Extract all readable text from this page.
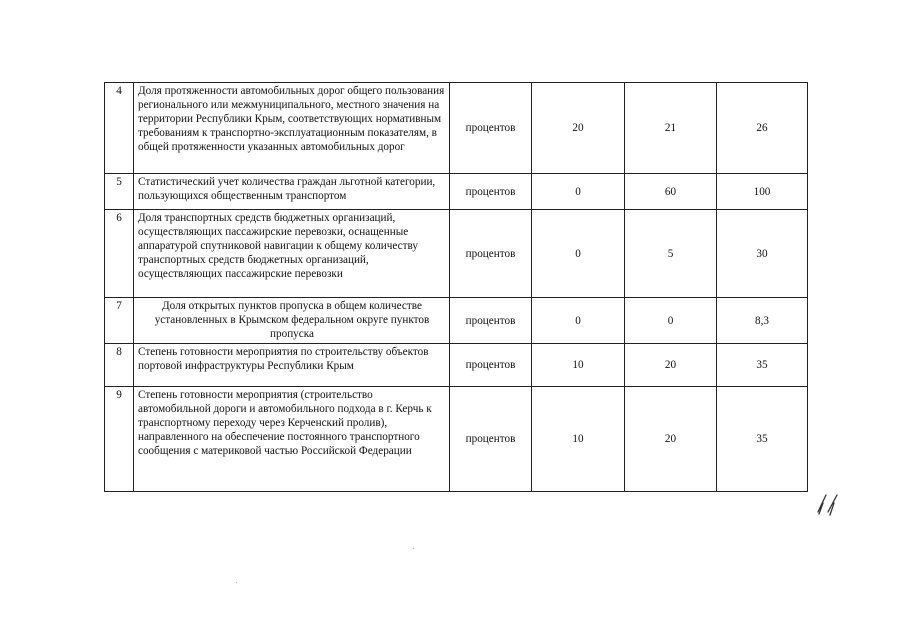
4	Доля протяженности автомобильных дорог общего пользования регионального или межмуниципального, местного значения на территории Республики Крым, соответствующих нормативным требованиям к транспортно-эксплуатационным показателям, в общей протяженности указанных автомобильных дорог	процентов	20	21	26
5	Статистический учет количества граждан льготной категории, пользующихся общественным транспортом	процентов	0	60	100
6	Доля транспортных средств бюджетных организаций, осуществляющих пассажирские перевозки, оснащенные аппаратурой спутниковой навигации к общему количеству транспортных средств бюджетных организаций, осуществляющих пассажирские перевозки	процентов	0	5	30
7	Доля открытых пунктов пропуска в общем количестве установленных в Крымском федеральном округе пунктов пропуска	процентов	0	0	8,3
8	Степень готовности мероприятия по строительству объектов портовой инфраструктуры Республики Крым	процентов	10	20	35
9	Степень готовности мероприятия (строительство автомобильной дороги и автомобильного подхода в г. Керчь к транспортному переходу через Керченский пролив), направленного на обеспечение постоянного транспортного сообщения с материковой частью Российской Федерации	процентов	10	20	35
